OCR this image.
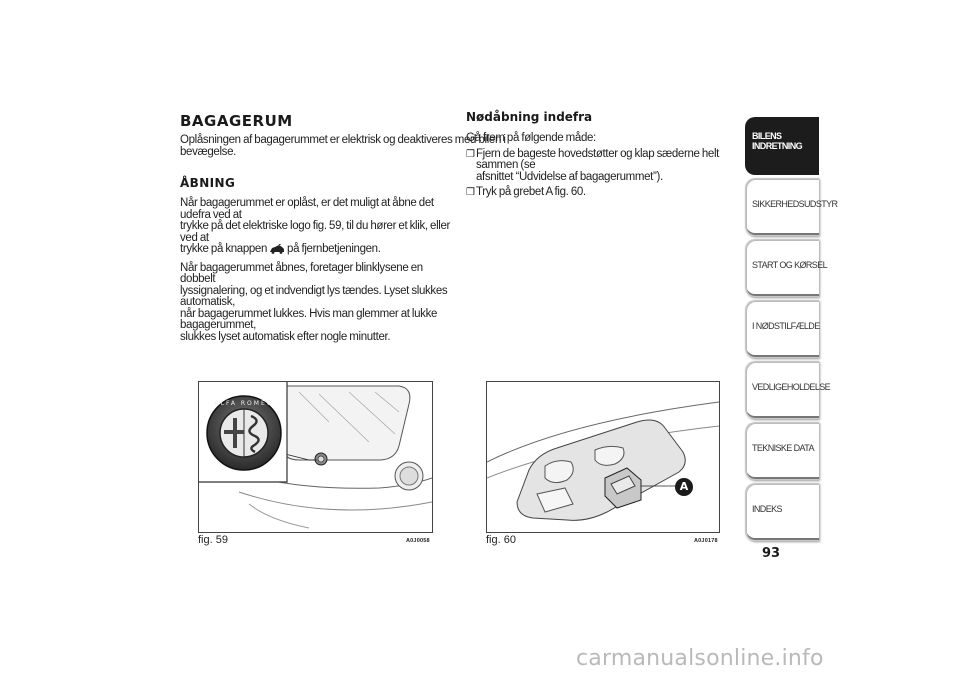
BAGAGERUM

Oplåsningen af bagagerummet er elektrisk og deaktiveres med bilen i

bevægelse.

ÅBNING

Når bagagerummet er oplåst, er det muligt at åbne det udefra ved at

trykke på det elektriske logo fig. 59, til du hører et klik, eller ved at

trykke på knappen på fjernbetjeningen.

Når bagagerummet åbnes, foretager blinklysene en dobbelt

lyssignalering, og et indvendigt lys tændes. Lyset slukkes automatisk,

når bagagerummet lukkes. Hvis man glemmer at lukke bagagerummet,

slukkes lyset automatisk efter nogle minutter.

Nødåbning indefra

Gå frem på følgende måde:

❒ Fjern de bageste hovedstøtter og klap sæderne helt sammen (se

afsnittet “Udvidelse af bagagerummet”).

❒ Tryk på grebet A fig. 60.

ALFA ROMEO
fig. 59	A0J0058
A
fig. 60	A0J0178
BILENS INDRETNING
SIKKERHEDSUDSTYR
START OG KØRSEL
I NØDSTILFÆLDE
VEDLIGEHOLDELSE
TEKNISKE DATA
INDEKS
93
carmanualsonline.info
